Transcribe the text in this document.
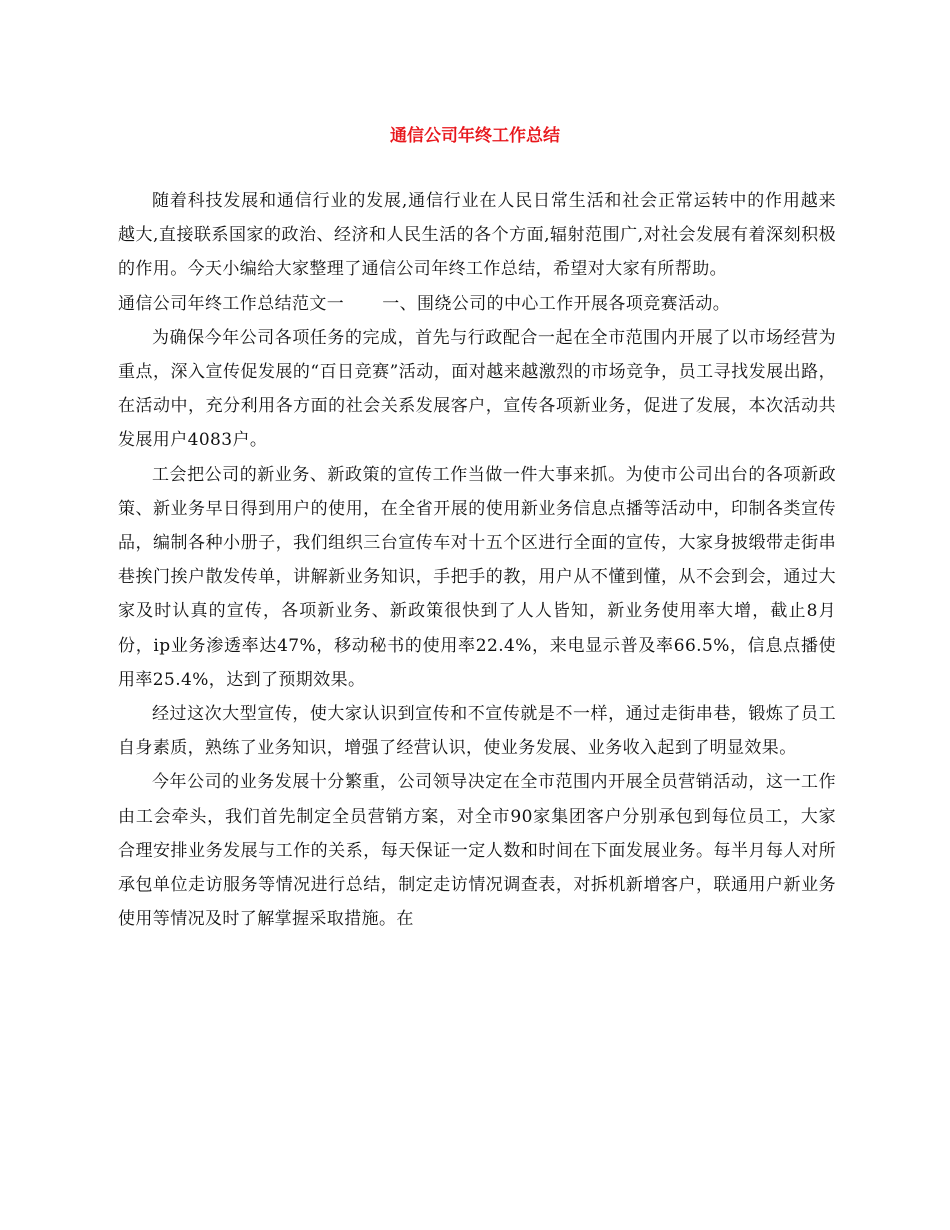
通信公司年终工作总结

随着科技发展和通信行业的发展,通信行业在人民日常生活和社会正常运转中的作用越来越大,直接联系国家的政治、经济和人民生活的各个方面,辐射范围广,对社会发展有着深刻积极的作用。今天小编给大家整理了通信公司年终工作总结，希望对大家有所帮助。

通信公司年终工作总结范文一 一、围绕公司的中心工作开展各项竞赛活动。

为确保今年公司各项任务的完成，首先与行政配合一起在全市范围内开展了以市场经营为重点，深入宣传促发展的“百日竞赛”活动，面对越来越激烈的市场竞争，员工寻找发展出路，在活动中，充分利用各方面的社会关系发展客户，宣传各项新业务，促进了发展，本次活动共发展用户4083户。

工会把公司的新业务、新政策的宣传工作当做一件大事来抓。为使市公司出台的各项新政策、新业务早日得到用户的使用，在全省开展的使用新业务信息点播等活动中，印制各类宣传品，编制各种小册子，我们组织三台宣传车对十五个区进行全面的宣传，大家身披缎带走街串巷挨门挨户散发传单，讲解新业务知识，手把手的教，用户从不懂到懂，从不会到会，通过大家及时认真的宣传，各项新业务、新政策很快到了人人皆知，新业务使用率大增，截止8月份，ip业务渗透率达47%，移动秘书的使用率22.4%，来电显示普及率66.5%，信息点播使用率25.4%，达到了预期效果。

经过这次大型宣传，使大家认识到宣传和不宣传就是不一样，通过走街串巷，锻炼了员工自身素质，熟练了业务知识，增强了经营认识，使业务发展、业务收入起到了明显效果。

今年公司的业务发展十分繁重，公司领导决定在全市范围内开展全员营销活动，这一工作由工会牵头，我们首先制定全员营销方案，对全市90家集团客户分别承包到每位员工，大家合理安排业务发展与工作的关系，每天保证一定人数和时间在下面发展业务。每半月每人对所承包单位走访服务等情况进行总结，制定走访情况调查表，对拆机新增客户，联通用户新业务使用等情况及时了解掌握采取措施。在
